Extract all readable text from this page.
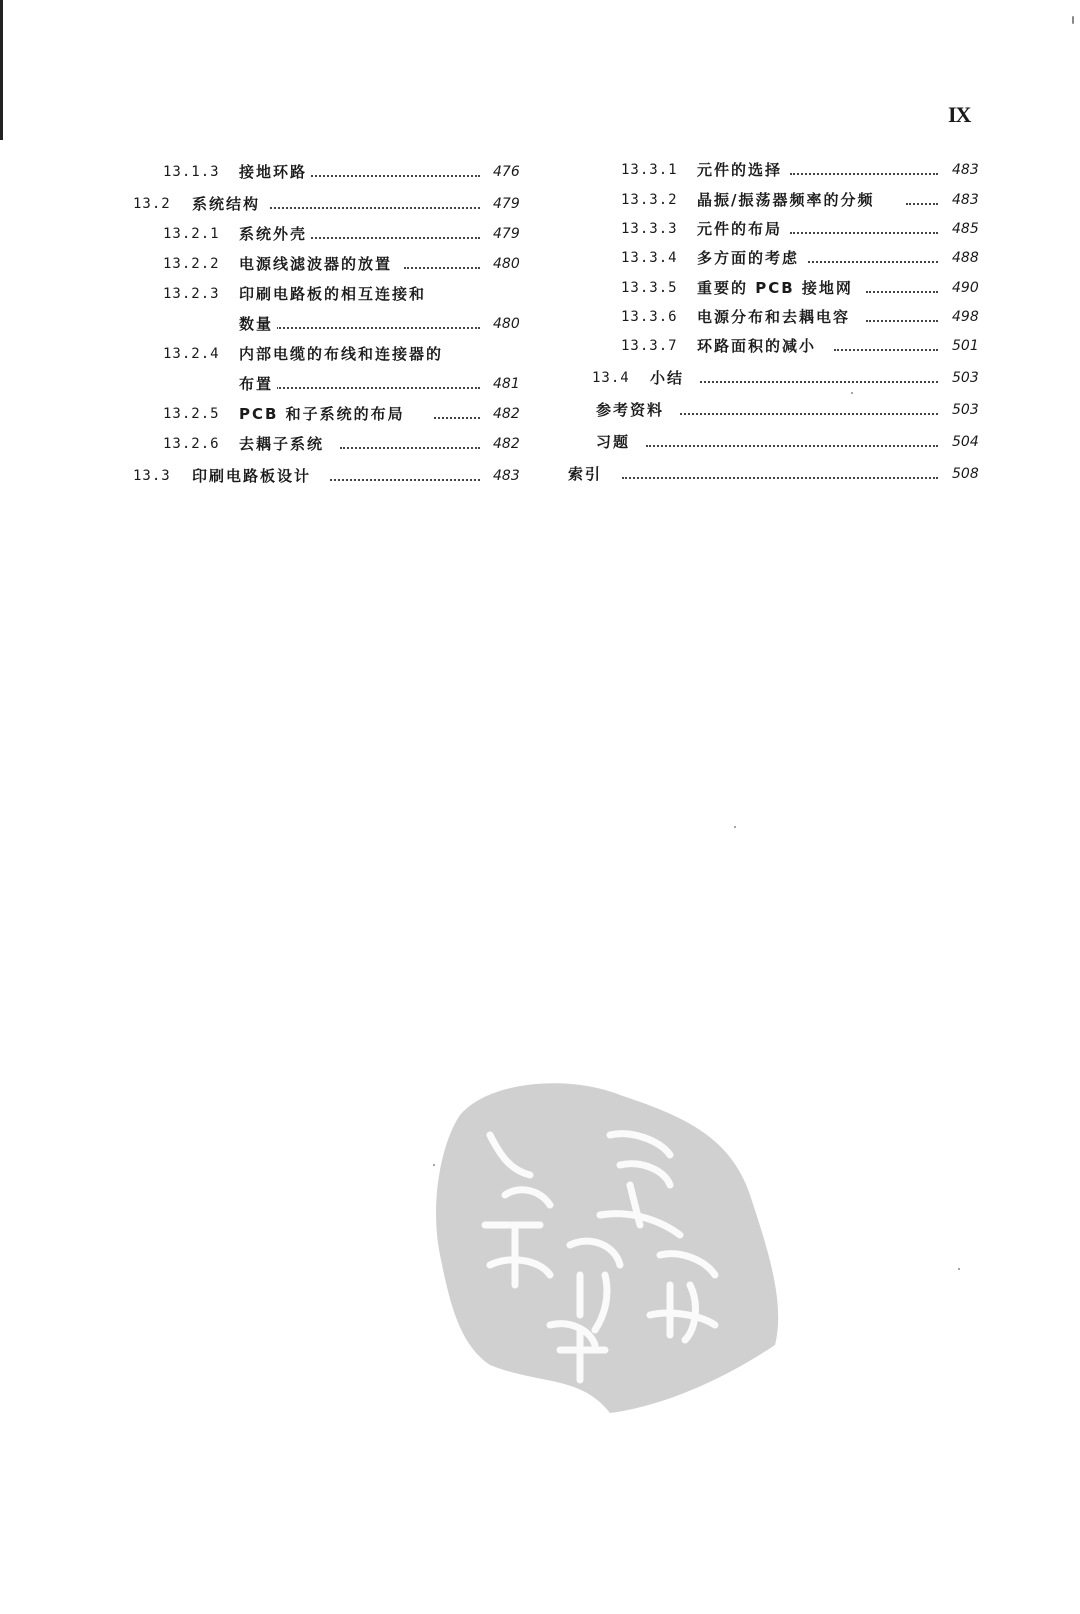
IX
13.1.3 接地环路	476
13.2 系统结构	479
13.2.1 系统外壳	479
13.2.2 电源线滤波器的放置	480
13.2.3 印刷电路板的相互连接和
数量	480
13.2.4 内部电缆的布线和连接器的
布置	481
13.2.5 PCB 和子系统的布局	482
13.2.6 去耦子系统	482
13.3 印刷电路板设计	483
13.3.1 元件的选择	483
13.3.2 晶振/振荡器频率的分频	483
13.3.3 元件的布局	485
13.3.4 多方面的考虑	488
13.3.5 重要的 PCB 接地网	490
13.3.6 电源分布和去耦电容	498
13.3.7 环路面积的减小	501
13.4 小结	503
参考资料	503
习题	504
索引	508
